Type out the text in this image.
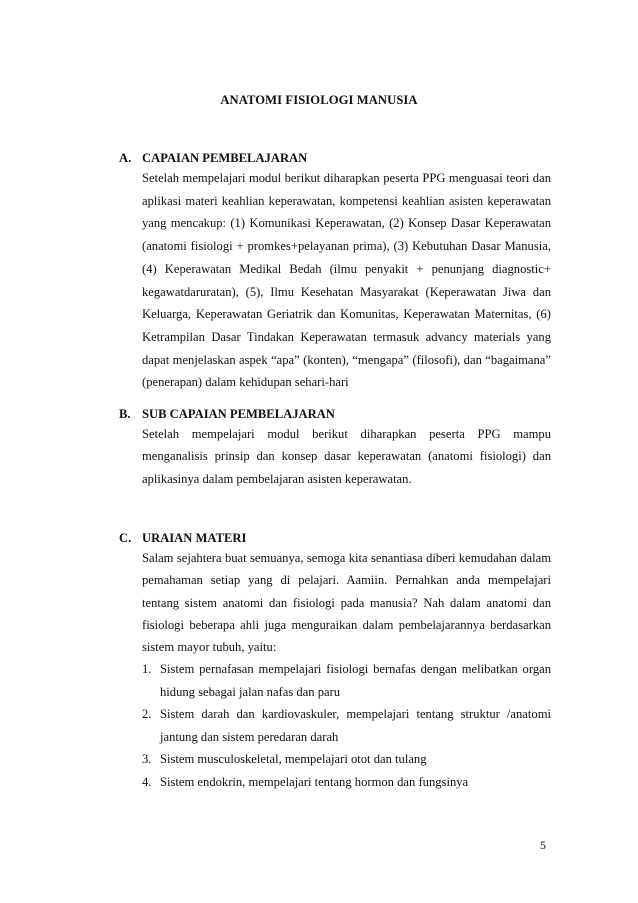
ANATOMI FISIOLOGI MANUSIA
A. CAPAIAN PEMBELAJARAN

Setelah mempelajari modul berikut diharapkan peserta PPG menguasai teori dan aplikasi materi keahlian keperawatan, kompetensi keahlian asisten keperawatan yang mencakup: (1) Komunikasi Keperawatan, (2) Konsep Dasar Keperawatan (anatomi fisiologi + promkes+pelayanan prima), (3) Kebutuhan Dasar Manusia, (4) Keperawatan Medikal Bedah (ilmu penyakit + penunjang diagnostic+ kegawatdaruratan), (5), Ilmu Kesehatan Masyarakat (Keperawatan Jiwa dan Keluarga, Keperawatan Geriatrik dan Komunitas, Keperawatan Maternitas, (6) Ketrampilan Dasar Tindakan Keperawatan termasuk advancy materials yang dapat menjelaskan aspek “apa” (konten), “mengapa” (filosofi), dan “bagaimana” (penerapan) dalam kehidupan sehari-hari

B. SUB CAPAIAN PEMBELAJARAN

Setelah mempelajari modul berikut diharapkan peserta PPG mampu menganalisis prinsip dan konsep dasar keperawatan (anatomi fisiologi) dan aplikasinya dalam pembelajaran asisten keperawatan.

C. URAIAN MATERI

Salam sejahtera buat semuanya, semoga kita senantiasa diberi kemudahan dalam pemahaman setiap yang di pelajari. Aamiin. Pernahkan anda mempelajari tentang sistem anatomi dan fisiologi pada manusia? Nah dalam anatomi dan fisiologi beberapa ahli juga menguraikan dalam pembelajarannya berdasarkan sistem mayor tubuh, yaitu:

1. Sistem pernafasan mempelajari fisiologi bernafas dengan melibatkan organ hidung sebagai jalan nafas dan paru
2. Sistem darah dan kardiovaskuler, mempelajari tentang struktur /anatomi jantung dan sistem peredaran darah
3. Sistem musculoskeletal, mempelajari otot dan tulang
4. Sistem endokrin, mempelajari tentang hormon dan fungsinya
5
